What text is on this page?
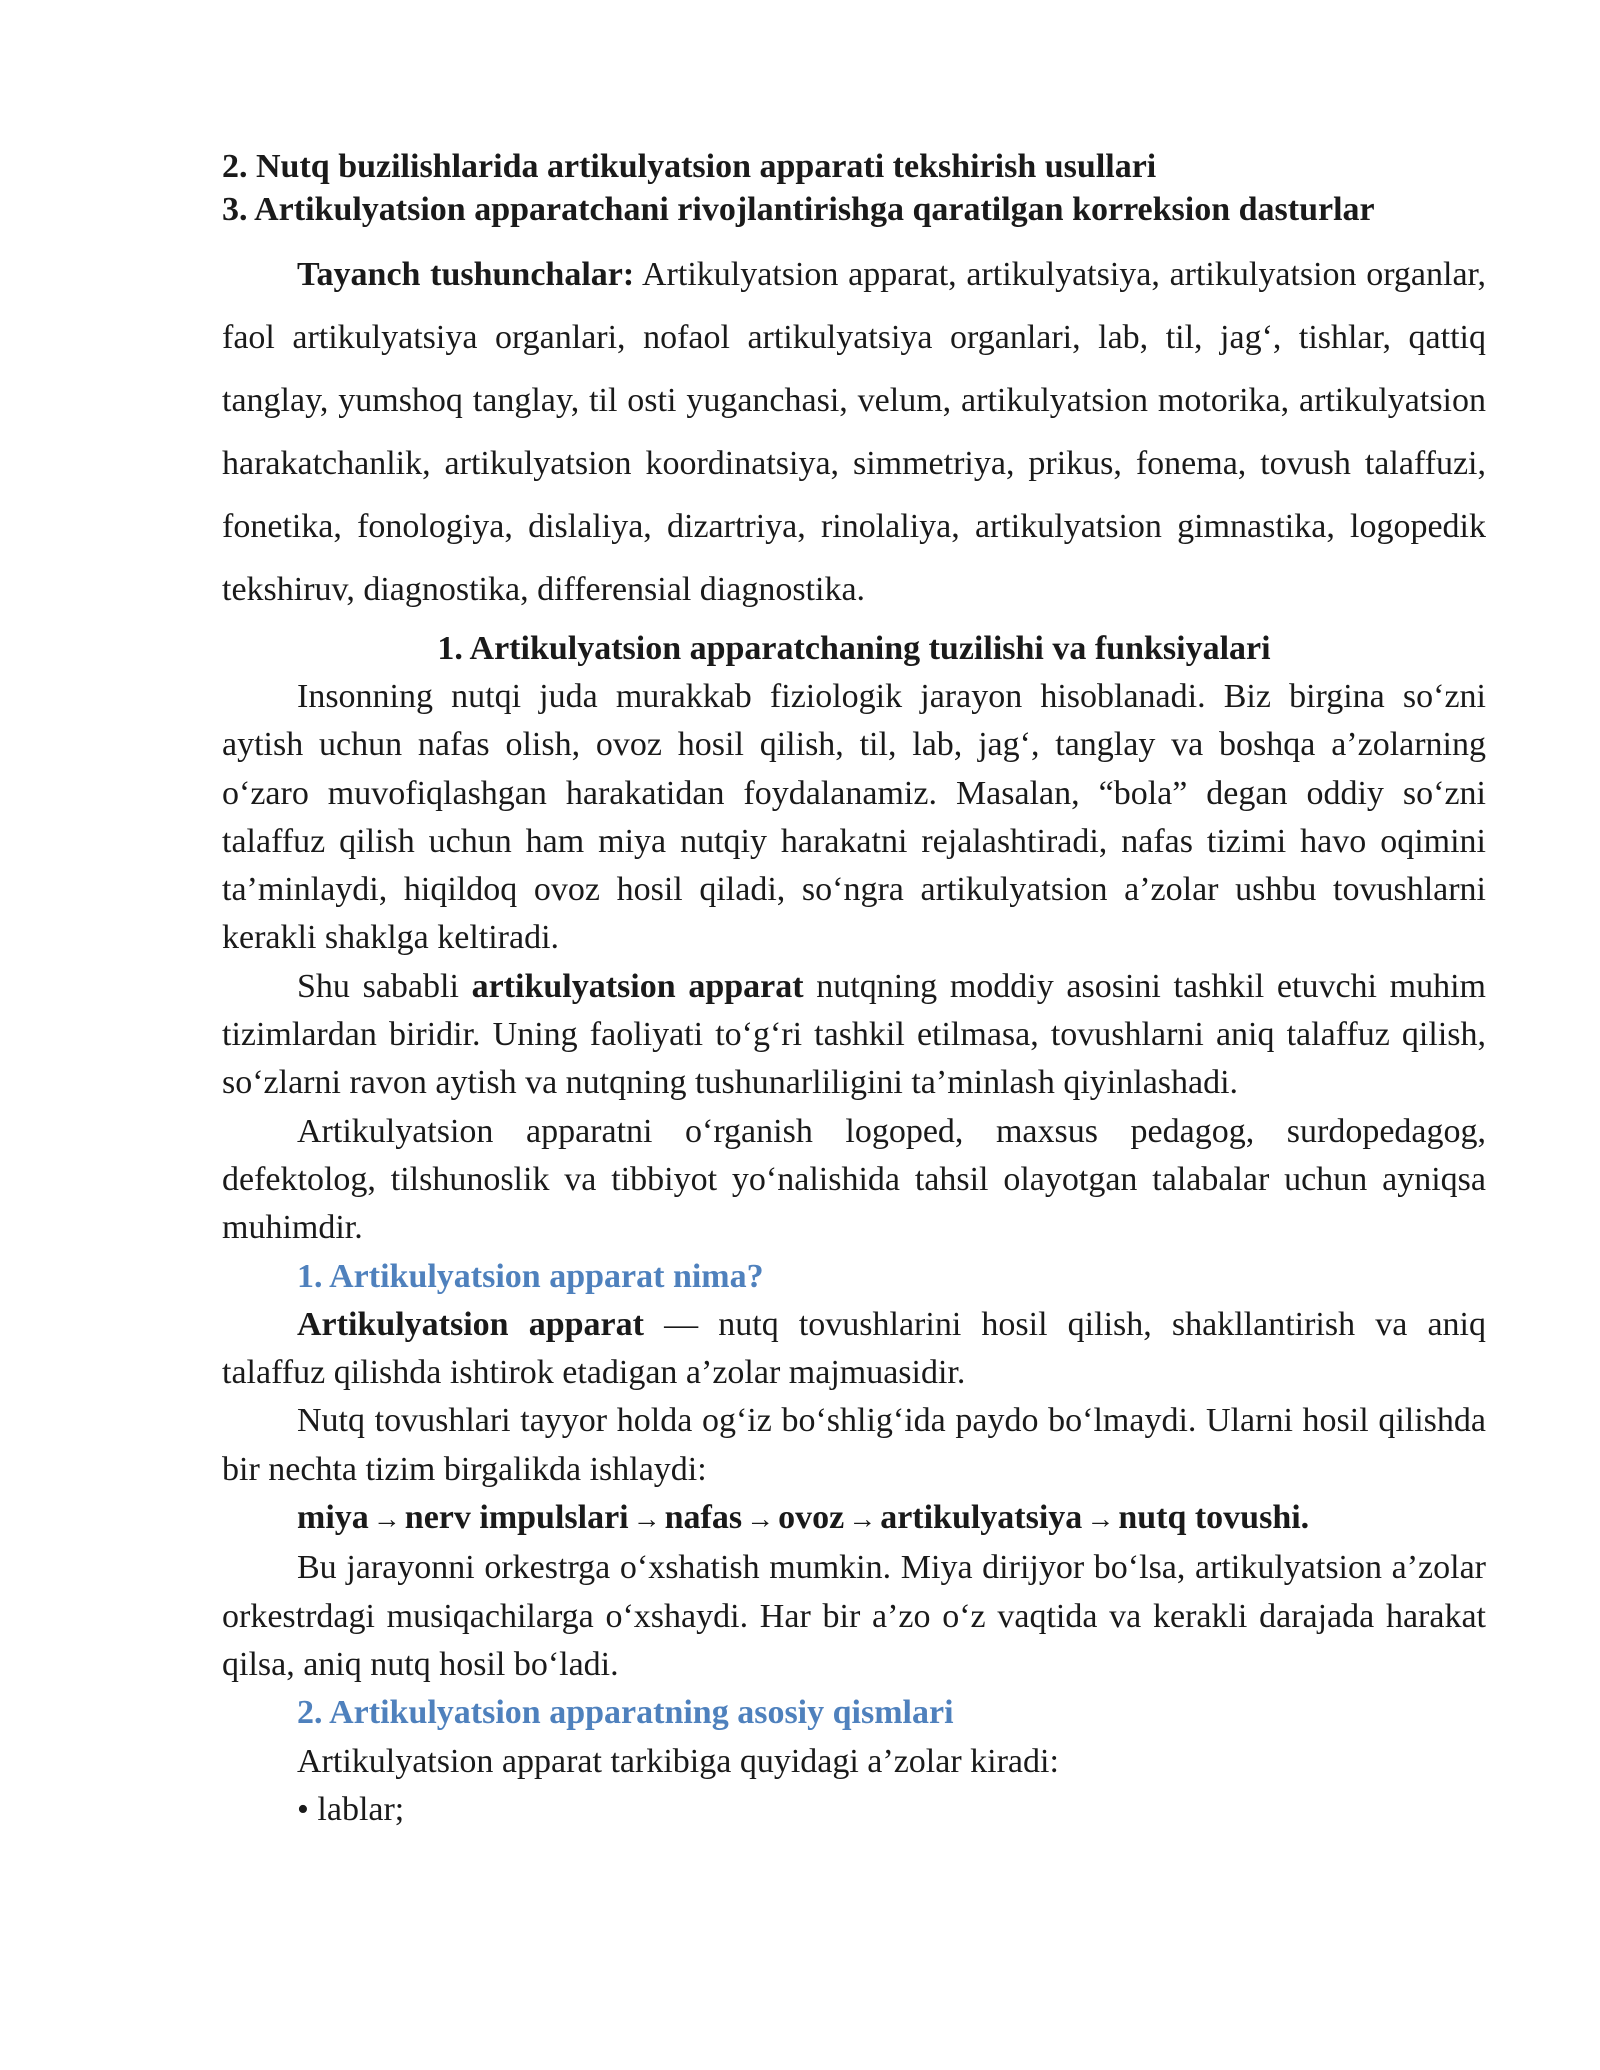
2. Nutq buzilishlarida artikulyatsion apparati tekshirish usullari

3. Artikulyatsion apparatchani rivojlantirishga qaratilgan korreksion dasturlar

Tayanch tushunchalar: Artikulyatsion apparat, artikulyatsiya, artikulyatsion organlar, faol artikulyatsiya organlari, nofaol artikulyatsiya organlari, lab, til, jag‘, tishlar, qattiq tanglay, yumshoq tanglay, til osti yuganchasi, velum, artikulyatsion motorika, artikulyatsion harakatchanlik, artikulyatsion koordinatsiya, simmetriya, prikus, fonema, tovush talaffuzi, fonetika, fonologiya, dislaliya, dizartriya, rinolaliya, artikulyatsion gimnastika, logopedik tekshiruv, diagnostika, differensial diagnostika.

1. Artikulyatsion apparatchaning tuzilishi va funksiyalari

Insonning nutqi juda murakkab fiziologik jarayon hisoblanadi. Biz birgina so‘zni aytish uchun nafas olish, ovoz hosil qilish, til, lab, jag‘, tanglay va boshqa a’zolarning o‘zaro muvofiqlashgan harakatidan foydalanamiz. Masalan, “bola” degan oddiy so‘zni talaffuz qilish uchun ham miya nutqiy harakatni rejalashtiradi, nafas tizimi havo oqimini ta’minlaydi, hiqildoq ovoz hosil qiladi, so‘ngra artikulyatsion a’zolar ushbu tovushlarni kerakli shaklga keltiradi.

Shu sababli artikulyatsion apparat nutqning moddiy asosini tashkil etuvchi muhim tizimlardan biridir. Uning faoliyati to‘g‘ri tashkil etilmasa, tovushlarni aniq talaffuz qilish, so‘zlarni ravon aytish va nutqning tushunarliligini ta’minlash qiyinlashadi.

Artikulyatsion apparatni o‘rganish logoped, maxsus pedagog, surdopedagog, defektolog, tilshunoslik va tibbiyot yo‘nalishida tahsil olayotgan talabalar uchun ayniqsa muhimdir.

1. Artikulyatsion apparat nima?

Artikulyatsion apparat — nutq tovushlarini hosil qilish, shakllantirish va aniq talaffuz qilishda ishtirok etadigan a’zolar majmuasidir.

Nutq tovushlari tayyor holda og‘iz bo‘shlig‘ida paydo bo‘lmaydi. Ularni hosil qilishda bir nechta tizim birgalikda ishlaydi:

miya → nerv impulslari → nafas → ovoz → artikulyatsiya → nutq tovushi.

Bu jarayonni orkestrga o‘xshatish mumkin. Miya dirijyor bo‘lsa, artikulyatsion a’zolar orkestrdagi musiqachilarga o‘xshaydi. Har bir a’zo o‘z vaqtida va kerakli darajada harakat qilsa, aniq nutq hosil bo‘ladi.

2. Artikulyatsion apparatning asosiy qismlari

Artikulyatsion apparat tarkibiga quyidagi a’zolar kiradi:

• lablar;
